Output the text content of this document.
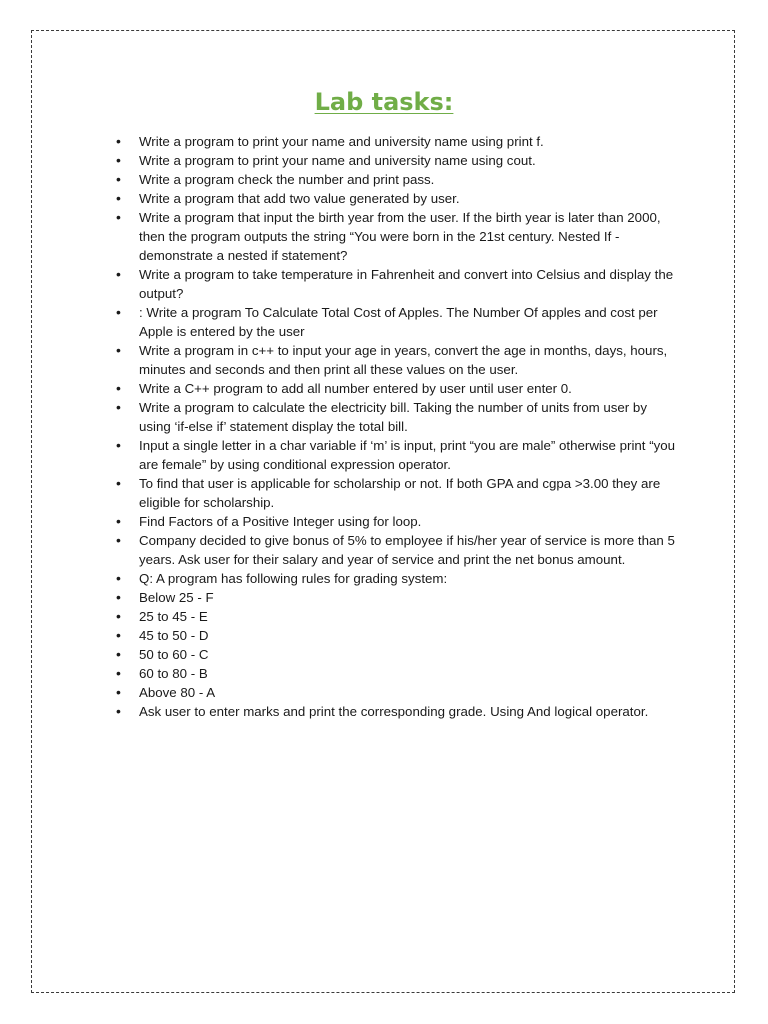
Lab tasks:
• Write a program to print your name and university name using print f.
• Write a program to print your name and university name using cout.
• Write a program check the number and print pass.
• Write a program that add two value generated by user.
• Write a program that input the birth year from the user. If the birth year is later than 2000, then the program outputs the string “You were born in the 21st century. Nested If - demonstrate a nested if statement?
• Write a program to take temperature in Fahrenheit and convert into Celsius and display the output?
• : Write a program To Calculate Total Cost of Apples. The Number Of apples and cost per Apple is entered by the user
• Write a program in c++ to input your age in years, convert the age in months, days, hours, minutes and seconds and then print all these values on the user.
• Write a C++ program to add all number entered by user until user enter 0.
• Write a program to calculate the electricity bill. Taking the number of units from user by using ‘if-else if’ statement display the total bill.
• Input a single letter in a char variable if ‘m’ is input, print “you are male” otherwise print “you are female” by using conditional expression operator.
• To find that user is applicable for scholarship or not. If both GPA and cgpa >3.00 they are eligible for scholarship.
• Find Factors of a Positive Integer using for loop.
• Company decided to give bonus of 5% to employee if his/her year of service is more than 5 years. Ask user for their salary and year of service and print the net bonus amount.
• Q: A program has following rules for grading system:
• Below 25 - F
• 25 to 45 - E
• 45 to 50 - D
• 50 to 60 - C
• 60 to 80 - B
• Above 80 - A
• Ask user to enter marks and print the corresponding grade. Using And logical operator.
